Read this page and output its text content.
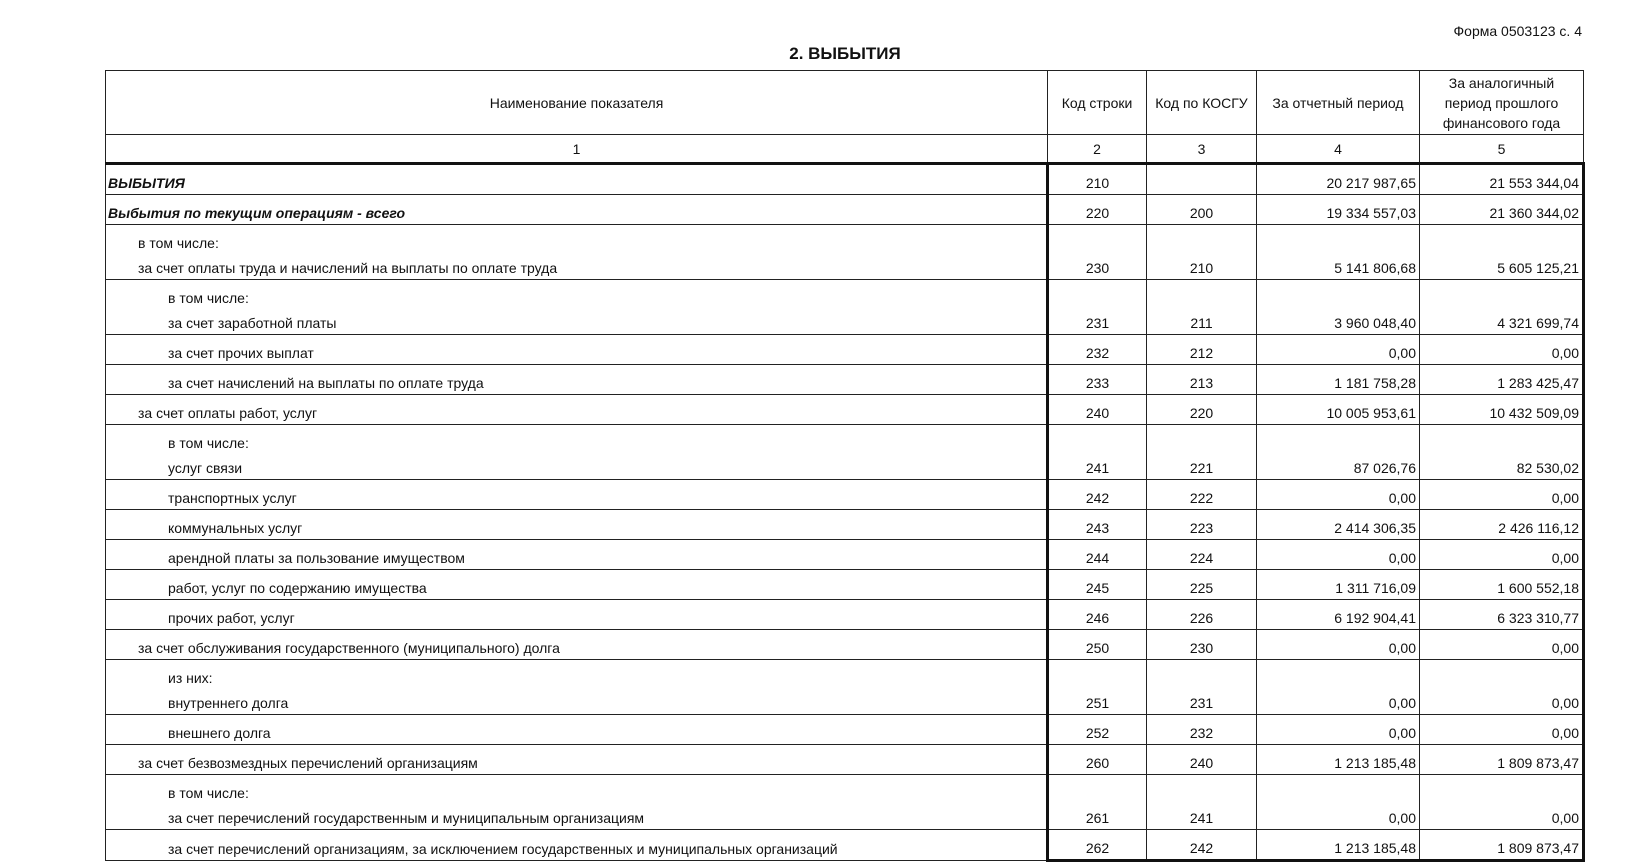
Форма 0503123 с. 4
2. ВЫБЫТИЯ
Наименование показателя	Код строки	Код по КОСГУ	За отчетный период	За аналогичный период прошлого финансового года
1	2	3	4	5
ВЫБЫТИЯ	210		20 217 987,65	21 553 344,04
Выбытия по текущим операциям - всего	220	200	19 334 557,03	21 360 344,02

в том числе:
за счет оплаты труда и начислений на выплаты по оплате труда	230	210	5 141 806,68	5 605 125,21

в том числе:
за счет заработной платы	231	211	3 960 048,40	4 321 699,74
за счет прочих выплат	232	212	0,00	0,00
за счет начислений на выплаты по оплате труда	233	213	1 181 758,28	1 283 425,47
за счет оплаты работ, услуг	240	220	10 005 953,61	10 432 509,09

в том числе:
услуг связи	241	221	87 026,76	82 530,02
транспортных услуг	242	222	0,00	0,00
коммунальных услуг	243	223	2 414 306,35	2 426 116,12
арендной платы за пользование имуществом	244	224	0,00	0,00
работ, услуг по содержанию имущества	245	225	1 311 716,09	1 600 552,18
прочих работ, услуг	246	226	6 192 904,41	6 323 310,77
за счет обслуживания государственного (муниципального) долга	250	230	0,00	0,00

из них:
внутреннего долга	251	231	0,00	0,00
внешнего долга	252	232	0,00	0,00
за счет безвозмездных перечислений организациям	260	240	1 213 185,48	1 809 873,47

в том числе:
за счет перечислений государственным и муниципальным организациям	261	241	0,00	0,00
за счет перечислений организациям, за исключением государственных и муниципальных организаций	262	242	1 213 185,48	1 809 873,47
